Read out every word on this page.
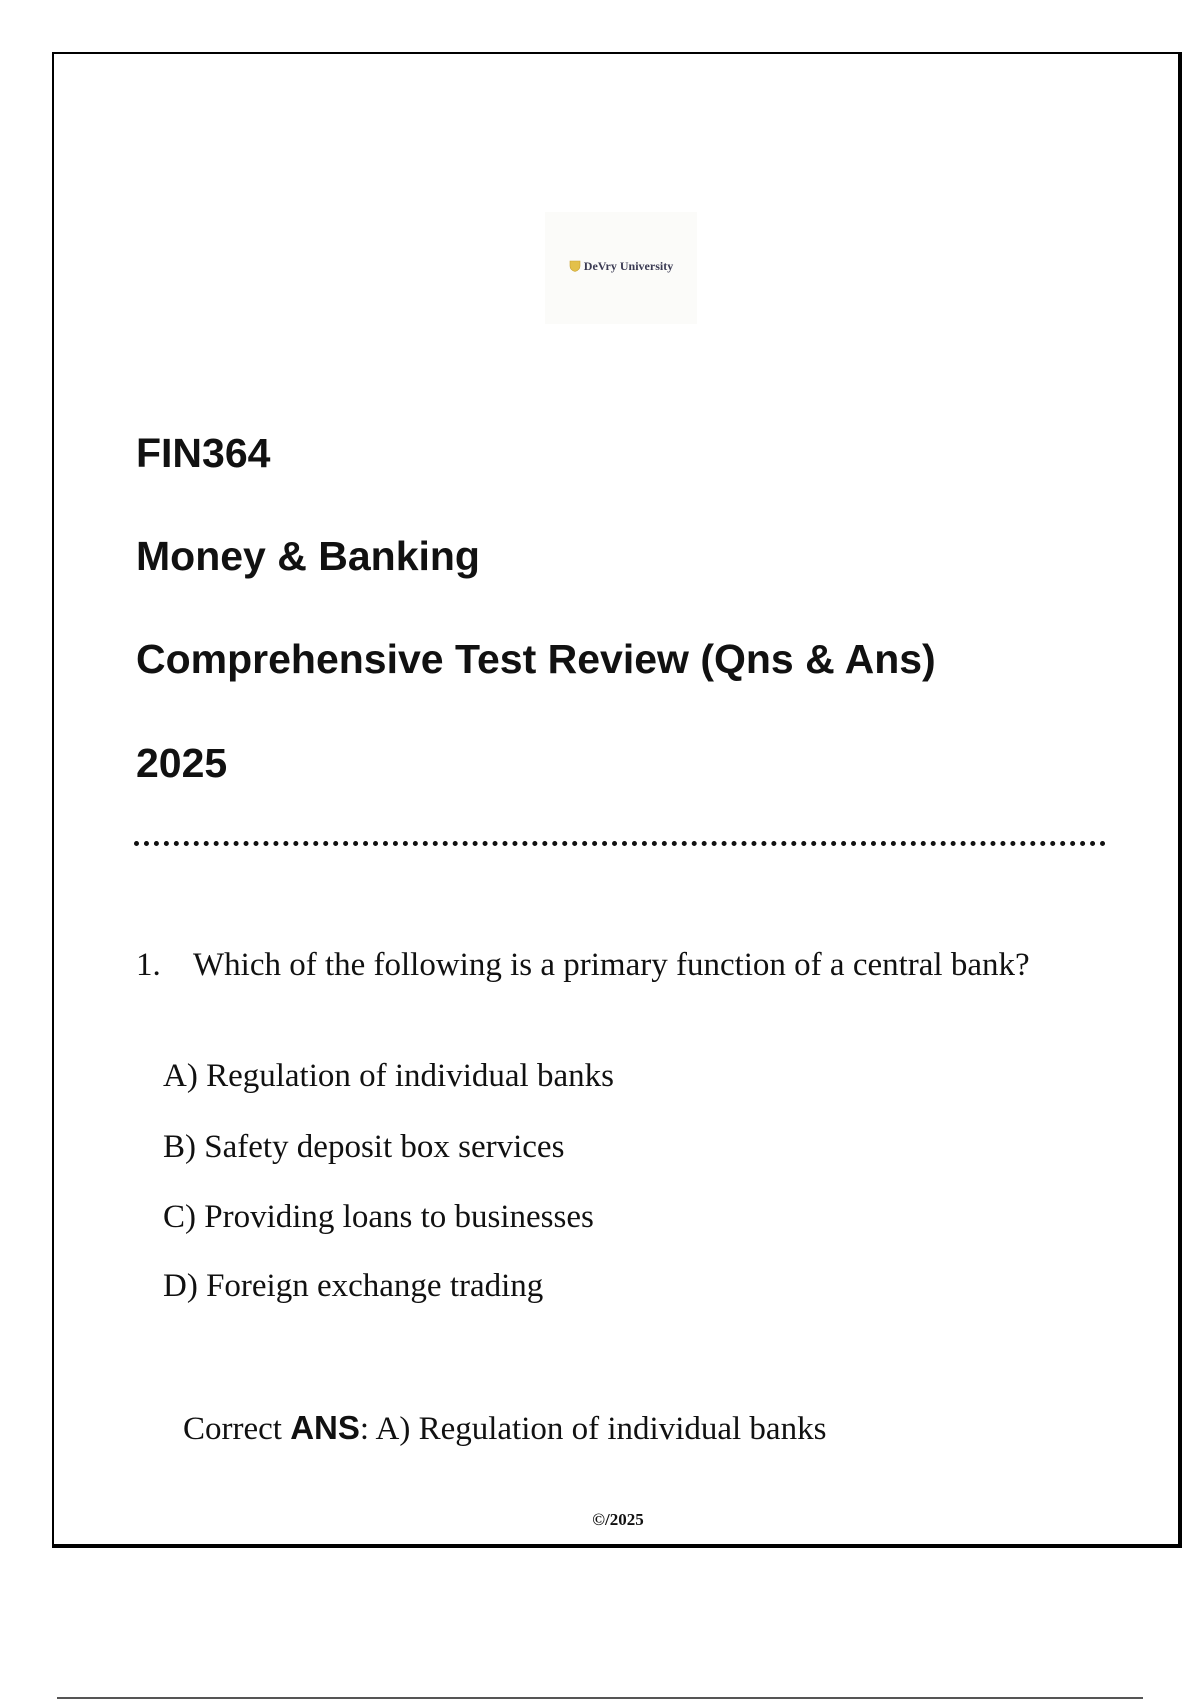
DeVry University
FIN364
Money & Banking
Comprehensive Test Review (Qns & Ans)
2025
1. Which of the following is a primary function of a central bank?
A) Regulation of individual banks
B) Safety deposit box services
C) Providing loans to businesses
D) Foreign exchange trading
Correct ANS: A) Regulation of individual banks
©/2025
